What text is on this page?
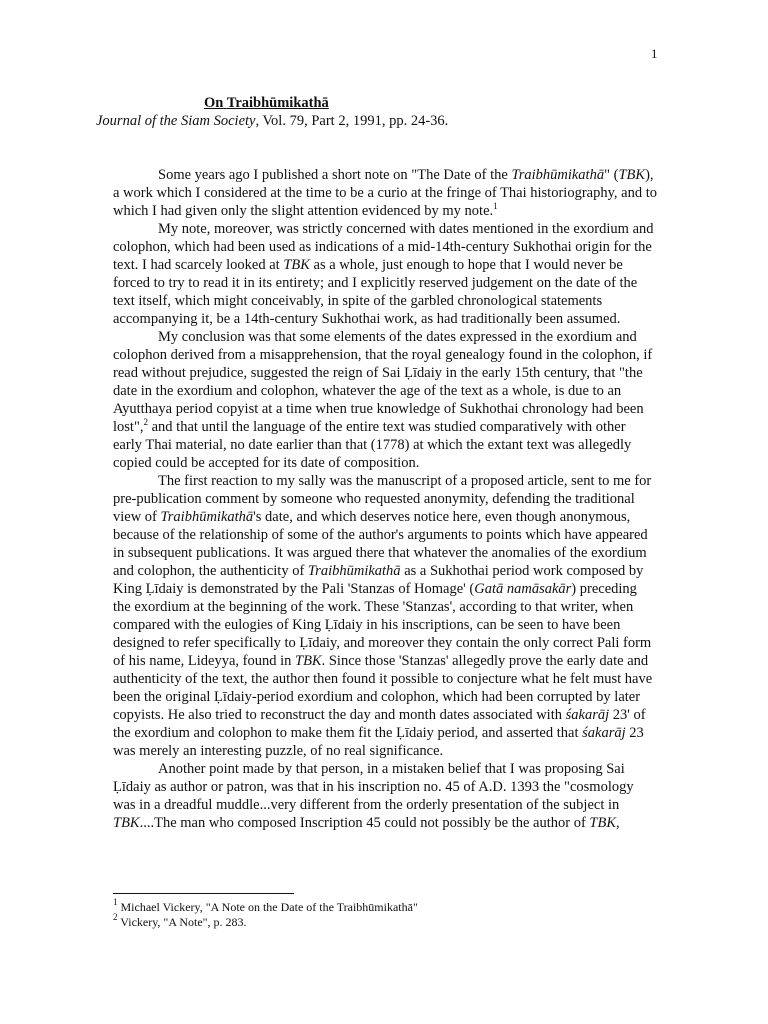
1
On Traibhūmikathā
Journal of the Siam Society, Vol. 79, Part 2, 1991, pp. 24-36.

Some years ago I published a short note on "The Date of the Traibhūmikathā" (TBK), a work which I considered at the time to be a curio at the fringe of Thai historiography, and to which I had given only the slight attention evidenced by my note.$^1$

My note, moreover, was strictly concerned with dates mentioned in the exordium and colophon, which had been used as indications of a mid-14th-century Sukhothai origin for the text. I had scarcely looked at TBK as a whole, just enough to hope that I would never be forced to try to read it in its entirety; and I explicitly reserved judgement on the date of the text itself, which might conceivably, in spite of the garbled chronological statements accompanying it, be a 14th-century Sukhothai work, as had traditionally been assumed.

My conclusion was that some elements of the dates expressed in the exordium and colophon derived from a misapprehension, that the royal genealogy found in the colophon, if read without prejudice, suggested the reign of Sai Ḷīdaiy in the early 15th century, that "the date in the exordium and colophon, whatever the age of the text as a whole, is due to an Ayutthaya period copyist at a time when true knowledge of Sukhothai chronology had been lost",$^2$ and that until the language of the entire text was studied comparatively with other early Thai material, no date earlier than that (1778) at which the extant text was allegedly copied could be accepted for its date of composition.

The first reaction to my sally was the manuscript of a proposed article, sent to me for pre-publication comment by someone who requested anonymity, defending the traditional view of Traibhūmikathā's date, and which deserves notice here, even though anonymous, because of the relationship of some of the author's arguments to points which have appeared in subsequent publications. It was argued there that whatever the anomalies of the exordium and colophon, the authenticity of Traibhūmikathā as a Sukhothai period work composed by King Ḷīdaiy is demonstrated by the Pali 'Stanzas of Homage' (Gatā namāsakār) preceding the exordium at the beginning of the work. These 'Stanzas', according to that writer, when compared with the eulogies of King Ḷīdaiy in his inscriptions, can be seen to have been designed to refer specifically to Ḷīdaiy, and moreover they contain the only correct Pali form of his name, Lideyya, found in TBK. Since those 'Stanzas' allegedly prove the early date and authenticity of the text, the author then found it possible to conjecture what he felt must have been the original Ḷīdaiy-period exordium and colophon, which had been corrupted by later copyists. He also tried to reconstruct the day and month dates associated with śakarāj 23' of the exordium and colophon to make them fit the Ḷīdaiy period, and asserted that śakarāj 23 was merely an interesting puzzle, of no real significance.

Another point made by that person, in a mistaken belief that I was proposing Sai Ḷīdaiy as author or patron, was that in his inscription no. 45 of A.D. 1393 the "cosmology was in a dreadful muddle...very different from the orderly presentation of the subject in TBK....The man who composed Inscription 45 could not possibly be the author of TBK,

$^1$ Michael Vickery, "A Note on the Date of the Traibhūmikathā"
$^2$ Vickery, "A Note", p. 283.
